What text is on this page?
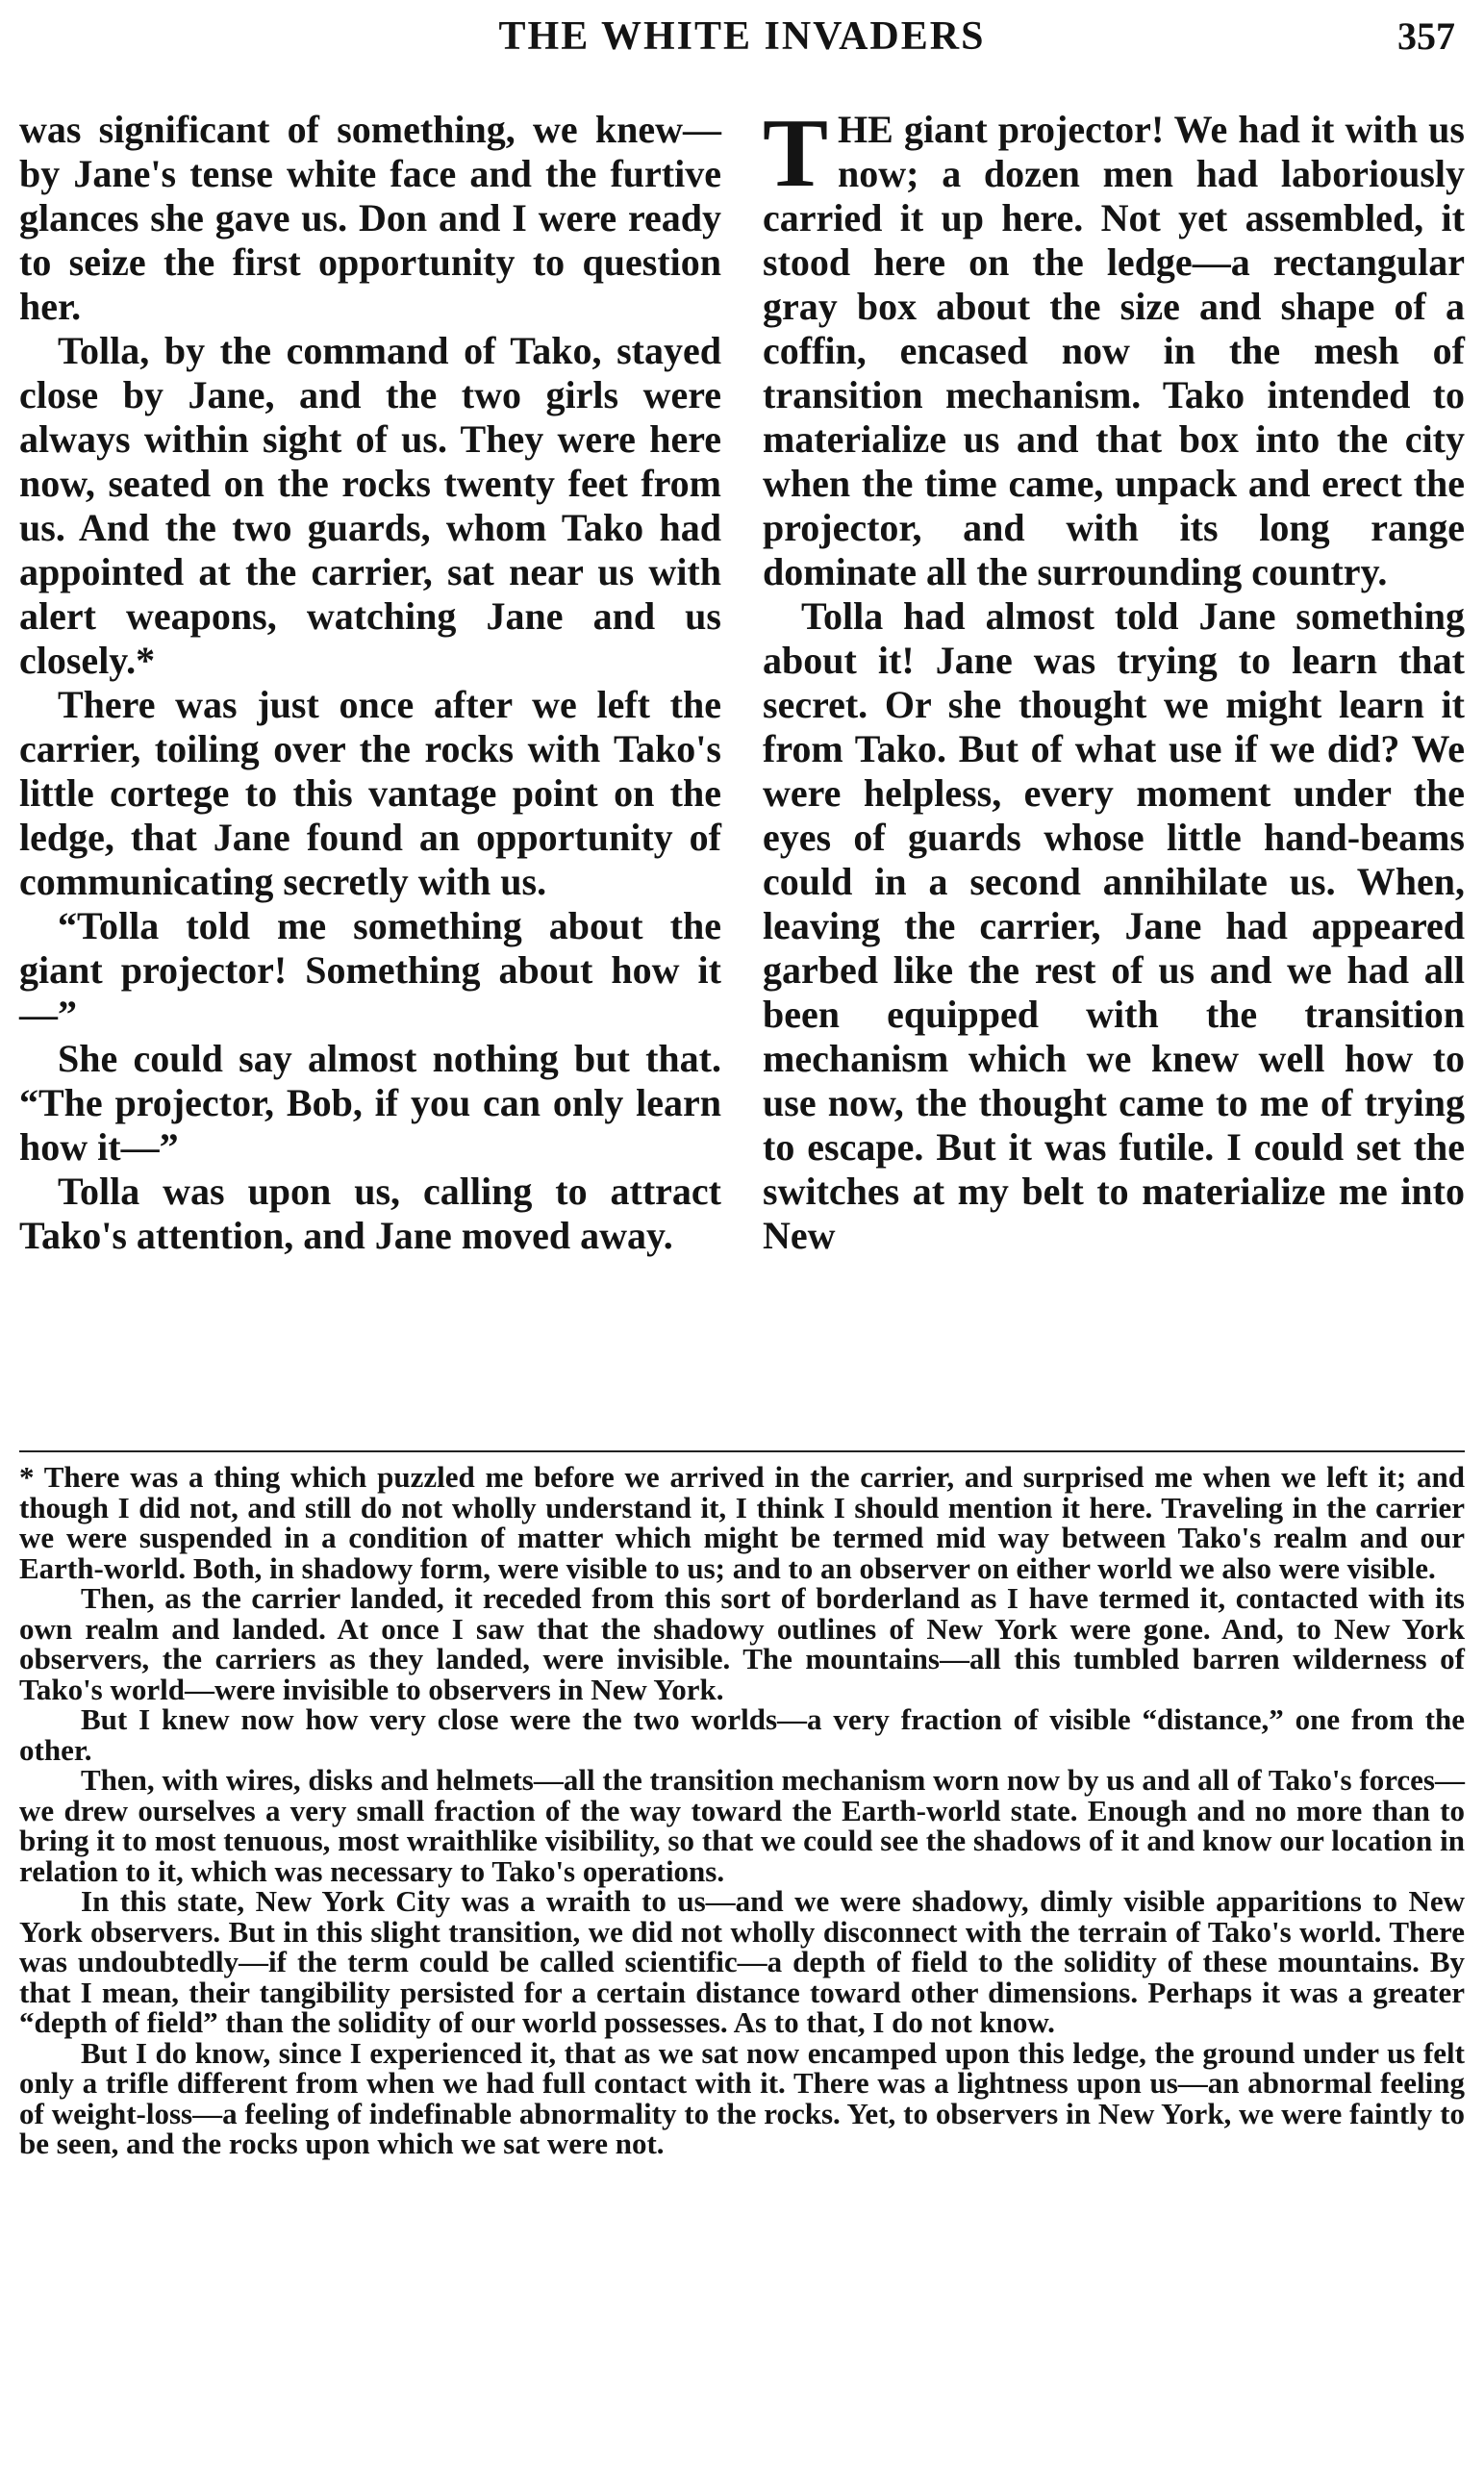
THE WHITE INVADERS	357

was significant of something, we knew—by Jane's tense white face and the furtive glances she gave us. Don and I were ready to seize the first opportunity to question her.

Tolla, by the command of Tako, stayed close by Jane, and the two girls were always within sight of us. They were here now, seated on the rocks twenty feet from us. And the two guards, whom Tako had appointed at the carrier, sat near us with alert weapons, watching Jane and us closely.*

There was just once after we left the carrier, toiling over the rocks with Tako's little cortege to this vantage point on the ledge, that Jane found an opportunity of communicating secretly with us.

“Tolla told me something about the giant projector! Something about how it—”

She could say almost nothing but that. “The projector, Bob, if you can only learn how it—”

Tolla was upon us, calling to attract Tako's attention, and Jane moved away.

THE giant projector! We had it with us now; a dozen men had laboriously carried it up here. Not yet assembled, it stood here on the ledge—a rectangular gray box about the size and shape of a coffin, encased now in the mesh of transition mechanism. Tako intended to materialize us and that box into the city when the time came, unpack and erect the projector, and with its long range dominate all the surrounding country.

Tolla had almost told Jane something about it! Jane was trying to learn that secret. Or she thought we might learn it from Tako. But of what use if we did? We were helpless, every moment under the eyes of guards whose little hand-beams could in a second annihilate us. When, leaving the carrier, Jane had appeared garbed like the rest of us and we had all been equipped with the transition mechanism which we knew well how to use now, the thought came to me of trying to escape. But it was futile. I could set the switches at my belt to materialize me into New

* There was a thing which puzzled me before we arrived in the carrier, and surprised me when we left it; and though I did not, and still do not wholly understand it, I think I should mention it here. Traveling in the carrier we were suspended in a condition of matter which might be termed mid way between Tako's realm and our Earth-world. Both, in shadowy form, were visible to us; and to an observer on either world we also were visible.

Then, as the carrier landed, it receded from this sort of borderland as I have termed it, contacted with its own realm and landed. At once I saw that the shadowy outlines of New York were gone. And, to New York observers, the carriers as they landed, were invisible. The mountains—all this tumbled barren wilderness of Tako's world—were invisible to observers in New York.

But I knew now how very close were the two worlds—a very fraction of visible “distance,” one from the other.

Then, with wires, disks and helmets—all the transition mechanism worn now by us and all of Tako's forces—we drew ourselves a very small fraction of the way toward the Earth-world state. Enough and no more than to bring it to most tenuous, most wraithlike visibility, so that we could see the shadows of it and know our location in relation to it, which was necessary to Tako's operations.

In this state, New York City was a wraith to us—and we were shadowy, dimly visible apparitions to New York observers. But in this slight transition, we did not wholly disconnect with the terrain of Tako's world. There was undoubtedly—if the term could be called scientific—a depth of field to the solidity of these mountains. By that I mean, their tangibility persisted for a certain distance toward other dimensions. Perhaps it was a greater “depth of field” than the solidity of our world possesses. As to that, I do not know.

But I do know, since I experienced it, that as we sat now encamped upon this ledge, the ground under us felt only a trifle different from when we had full contact with it. There was a lightness upon us—an abnormal feeling of weight-loss—a feeling of indefinable abnormality to the rocks. Yet, to observers in New York, we were faintly to be seen, and the rocks upon which we sat were not.
